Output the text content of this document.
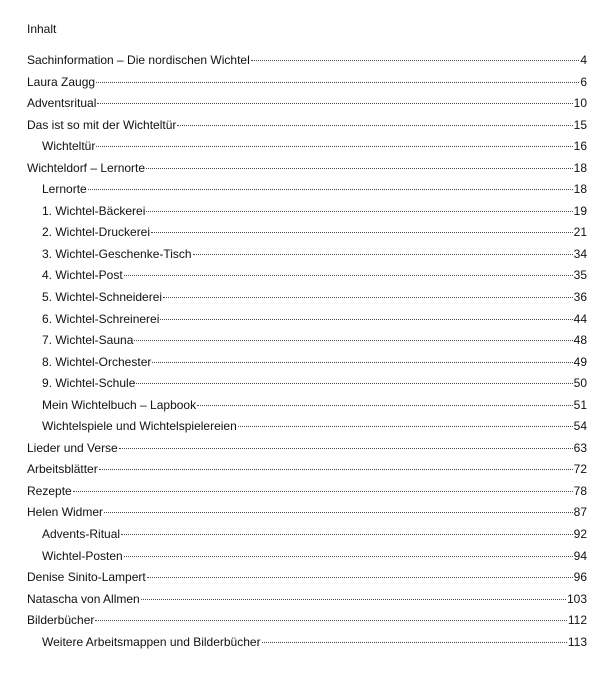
Inhalt
Sachinformation – Die nordischen Wichtel	4
Laura Zaugg	6
Adventsritual	10
Das ist so mit der Wichteltür	15
Wichteltür	16
Wichteldorf – Lernorte	18
Lernorte	18
1. Wichtel-Bäckerei	19
2. Wichtel-Druckerei	21
3. Wichtel-Geschenke-Tisch	34
4. Wichtel-Post	35
5. Wichtel-Schneiderei	36
6. Wichtel-Schreinerei	44
7. Wichtel-Sauna	48
8. Wichtel-Orchester	49
9. Wichtel-Schule	50
Mein Wichtelbuch – Lapbook	51
Wichtelspiele und Wichtelspielereien	54
Lieder und Verse	63
Arbeitsblätter	72
Rezepte	78
Helen Widmer	87
Advents-Ritual	92
Wichtel-Posten	94
Denise Sinito-Lampert	96
Natascha von Allmen	103
Bilderbücher	112
Weitere Arbeitsmappen und Bilderbücher	113
